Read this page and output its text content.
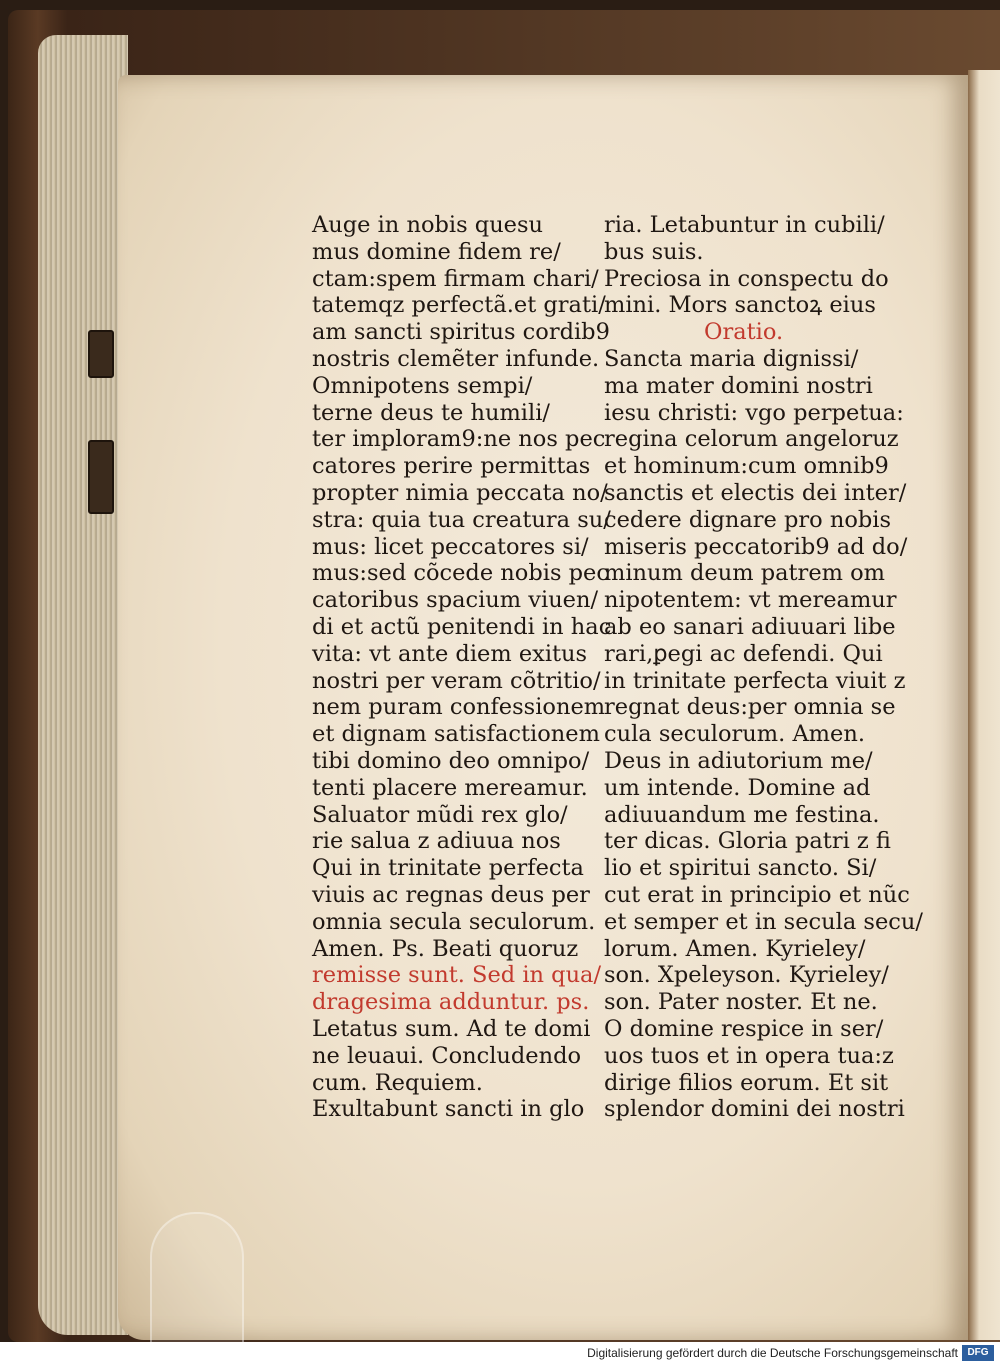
Auge in nobis quesu
mus domine fidem re/
ctam:spem firmam chari/
tatemqz perfectã.et grati/
am sancti spiritus cordib9
nostris clemẽter infunde.
Omnipotens sempi/
terne deus te humili/
ter imploram9:ne nos pec
catores perire permittas
propter nimia peccata no/
stra: quia tua creatura su/
mus: licet peccatores si/
mus:sed cõcede nobis pec
catoribus spacium viuen/
di et actũ penitendi in hac
vita: vt ante diem exitus
nostri per veram cõtritio/
nem puram confessionem
et dignam satisfactionem
tibi domino deo omnipo/
tenti placere mereamur.
Saluator mũdi rex glo/
rie salua z adiuua nos
Qui in trinitate perfecta
viuis ac regnas deus per
omnia secula seculorum.
Amen. Ps. Beati quoruz
remisse sunt. Sed in qua/
dragesima adduntur. ps.
Letatus sum. Ad te domi
ne leuaui. Concludendo
cum. Requiem.
Exultabunt sancti in glo
ria. Letabuntur in cubili/
bus suis.
Preciosa in conspectu do
mini. Mors sanctoꝝ eius
Oratio.
Sancta maria dignissi/
ma mater domini nostri
iesu christi: vgo perpetua:
regina celorum angeloruz
et hominum:cum omnib9
sanctis et electis dei inter/
cedere dignare pro nobis
miseris peccatorib9 ad do/
minum deum patrem om
nipotentem: vt mereamur
ab eo sanari adiuuari libe
rari,ꝑegi ac defendi. Qui
in trinitate perfecta viuit z
regnat deus:per omnia se
cula seculorum. Amen.
Deus in adiutorium me/
um intende. Domine ad
adiuuandum me festina.
ter dicas. Gloria patri z fi
lio et spiritui sancto. Si/
cut erat in principio et nũc
et semper et in secula secu/
lorum. Amen. Kyrieley/
son. Xpeleyson. Kyrieley/
son. Pater noster. Et ne.
O domine respice in ser/
uos tuos et in opera tua:z
dirige filios eorum. Et sit
splendor domini dei nostri
Digitalisierung gefördert durch die Deutsche Forschungsgemeinschaft DFG
